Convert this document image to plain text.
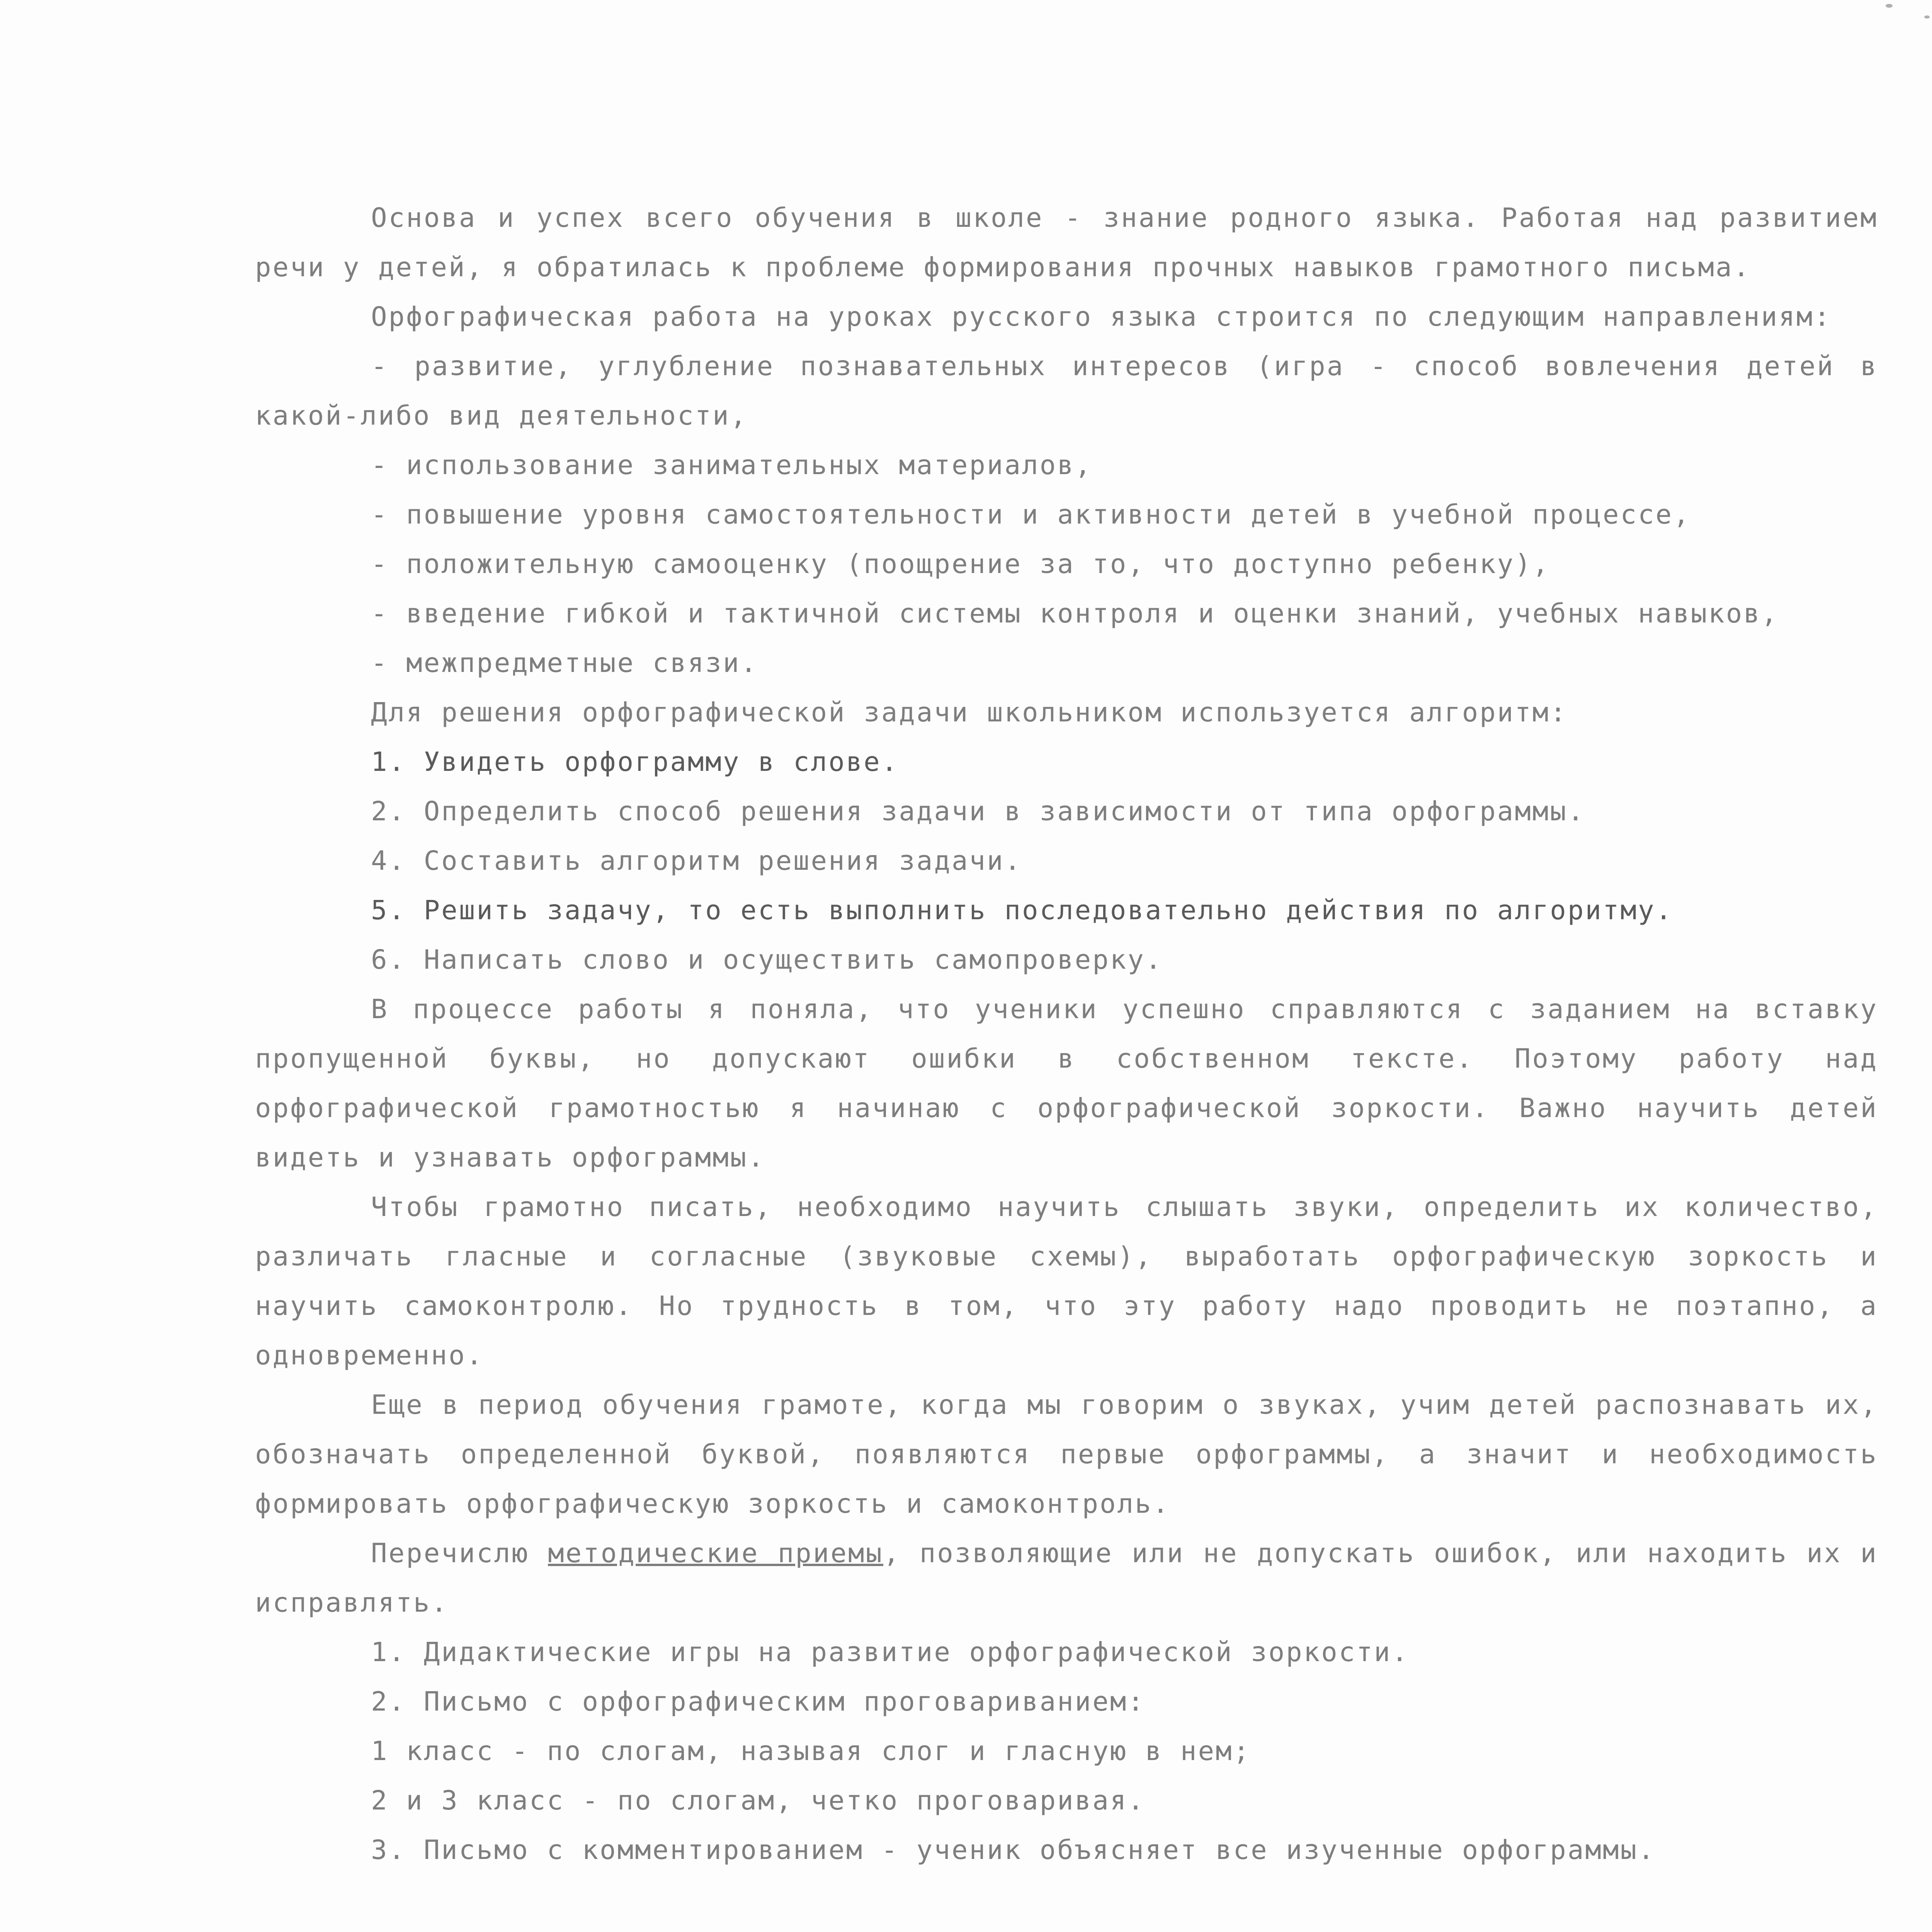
Основа и успех всего обучения в школе - знание родного языка. Работая над развитием речи у детей, я обратилась к проблеме формирования прочных навыков грамотного письма.

Орфографическая работа на уроках русского языка строится по следующим направлениям:

- развитие, углубление познавательных интересов (игра - способ вовлечения детей в какой-либо вид деятельности,

- использование занимательных материалов,

- повышение уровня самостоятельности и активности детей в учебной процессе,

- положительную самооценку (поощрение за то, что доступно ребенку),

- введение гибкой и тактичной системы контроля и оценки знаний, учебных навыков,

- межпредметные связи.

Для решения орфографической задачи школьником используется алгоритм:

1. Увидеть орфограмму в слове.

2. Определить способ решения задачи в зависимости от типа орфограммы.

4. Составить алгоритм решения задачи.

5. Решить задачу, то есть выполнить последовательно действия по алгоритму.

6. Написать слово и осуществить самопроверку.

В процессе работы я поняла, что ученики успешно справляются с заданием на вставку пропущенной буквы, но допускают ошибки в собственном тексте. Поэтому работу над орфографической грамотностью я начинаю с орфографической зоркости. Важно научить детей видеть и узнавать орфограммы.

Чтобы грамотно писать, необходимо научить слышать звуки, определить их количество, различать гласные и согласные (звуковые схемы), выработать орфографическую зоркость и научить самоконтролю. Но трудность в том, что эту работу надо проводить не поэтапно, а одновременно.

Еще в период обучения грамоте, когда мы говорим о звуках, учим детей распознавать их, обозначать определенной буквой, появляются первые орфограммы, а значит и необходимость формировать орфографическую зоркость и самоконтроль.

Перечислю методические приемы, позволяющие или не допускать ошибок, или находить их и исправлять.

1. Дидактические игры на развитие орфографической зоркости.

2. Письмо с орфографическим проговариванием:

1 класс - по слогам, называя слог и гласную в нем;

2 и 3 класс - по слогам, четко проговаривая.

3. Письмо с комментированием - ученик объясняет все изученные орфограммы.
